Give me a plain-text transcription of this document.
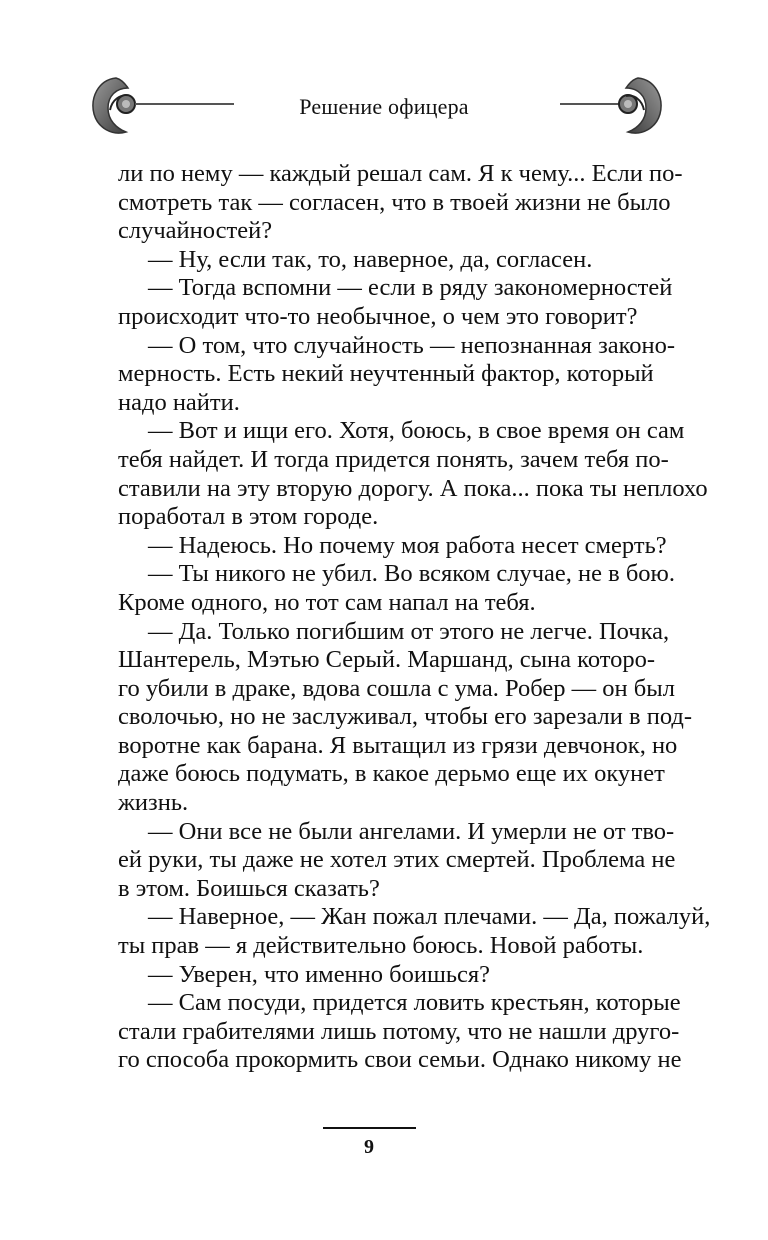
Решение офицера
ли по нему — каждый решал сам. Я к чему... Если по-
смотреть так — согласен, что в твоей жизни не было
случайностей?
— Ну, если так, то, наверное, да, согласен.
— Тогда вспомни — если в ряду закономерностей
происходит что-то необычное, о чем это говорит?
— О том, что случайность — непознанная законо-
мерность. Есть некий неучтенный фактор, который
надо найти.
— Вот и ищи его. Хотя, боюсь, в свое время он сам
тебя найдет. И тогда придется понять, зачем тебя по-
ставили на эту вторую дорогу. А пока... пока ты неплохо
поработал в этом городе.
— Надеюсь. Но почему моя работа несет смерть?
— Ты никого не убил. Во всяком случае, не в бою.
Кроме одного, но тот сам напал на тебя.
— Да. Только погибшим от этого не легче. Почка,
Шантерель, Мэтью Серый. Маршанд, сына которо-
го убили в драке, вдова сошла с ума. Робер — он был
сволочью, но не заслуживал, чтобы его зарезали в под-
воротне как барана. Я вытащил из грязи девчонок, но
даже боюсь подумать, в какое дерьмо еще их окунет
жизнь.
— Они все не были ангелами. И умерли не от тво-
ей руки, ты даже не хотел этих смертей. Проблема не
в этом. Боишься сказать?
— Наверное, — Жан пожал плечами. — Да, пожалуй,
ты прав — я действительно боюсь. Новой работы.
— Уверен, что именно боишься?
— Сам посуди, придется ловить крестьян, которые
стали грабителями лишь потому, что не нашли друго-
го способа прокормить свои семьи. Однако никому не
9
